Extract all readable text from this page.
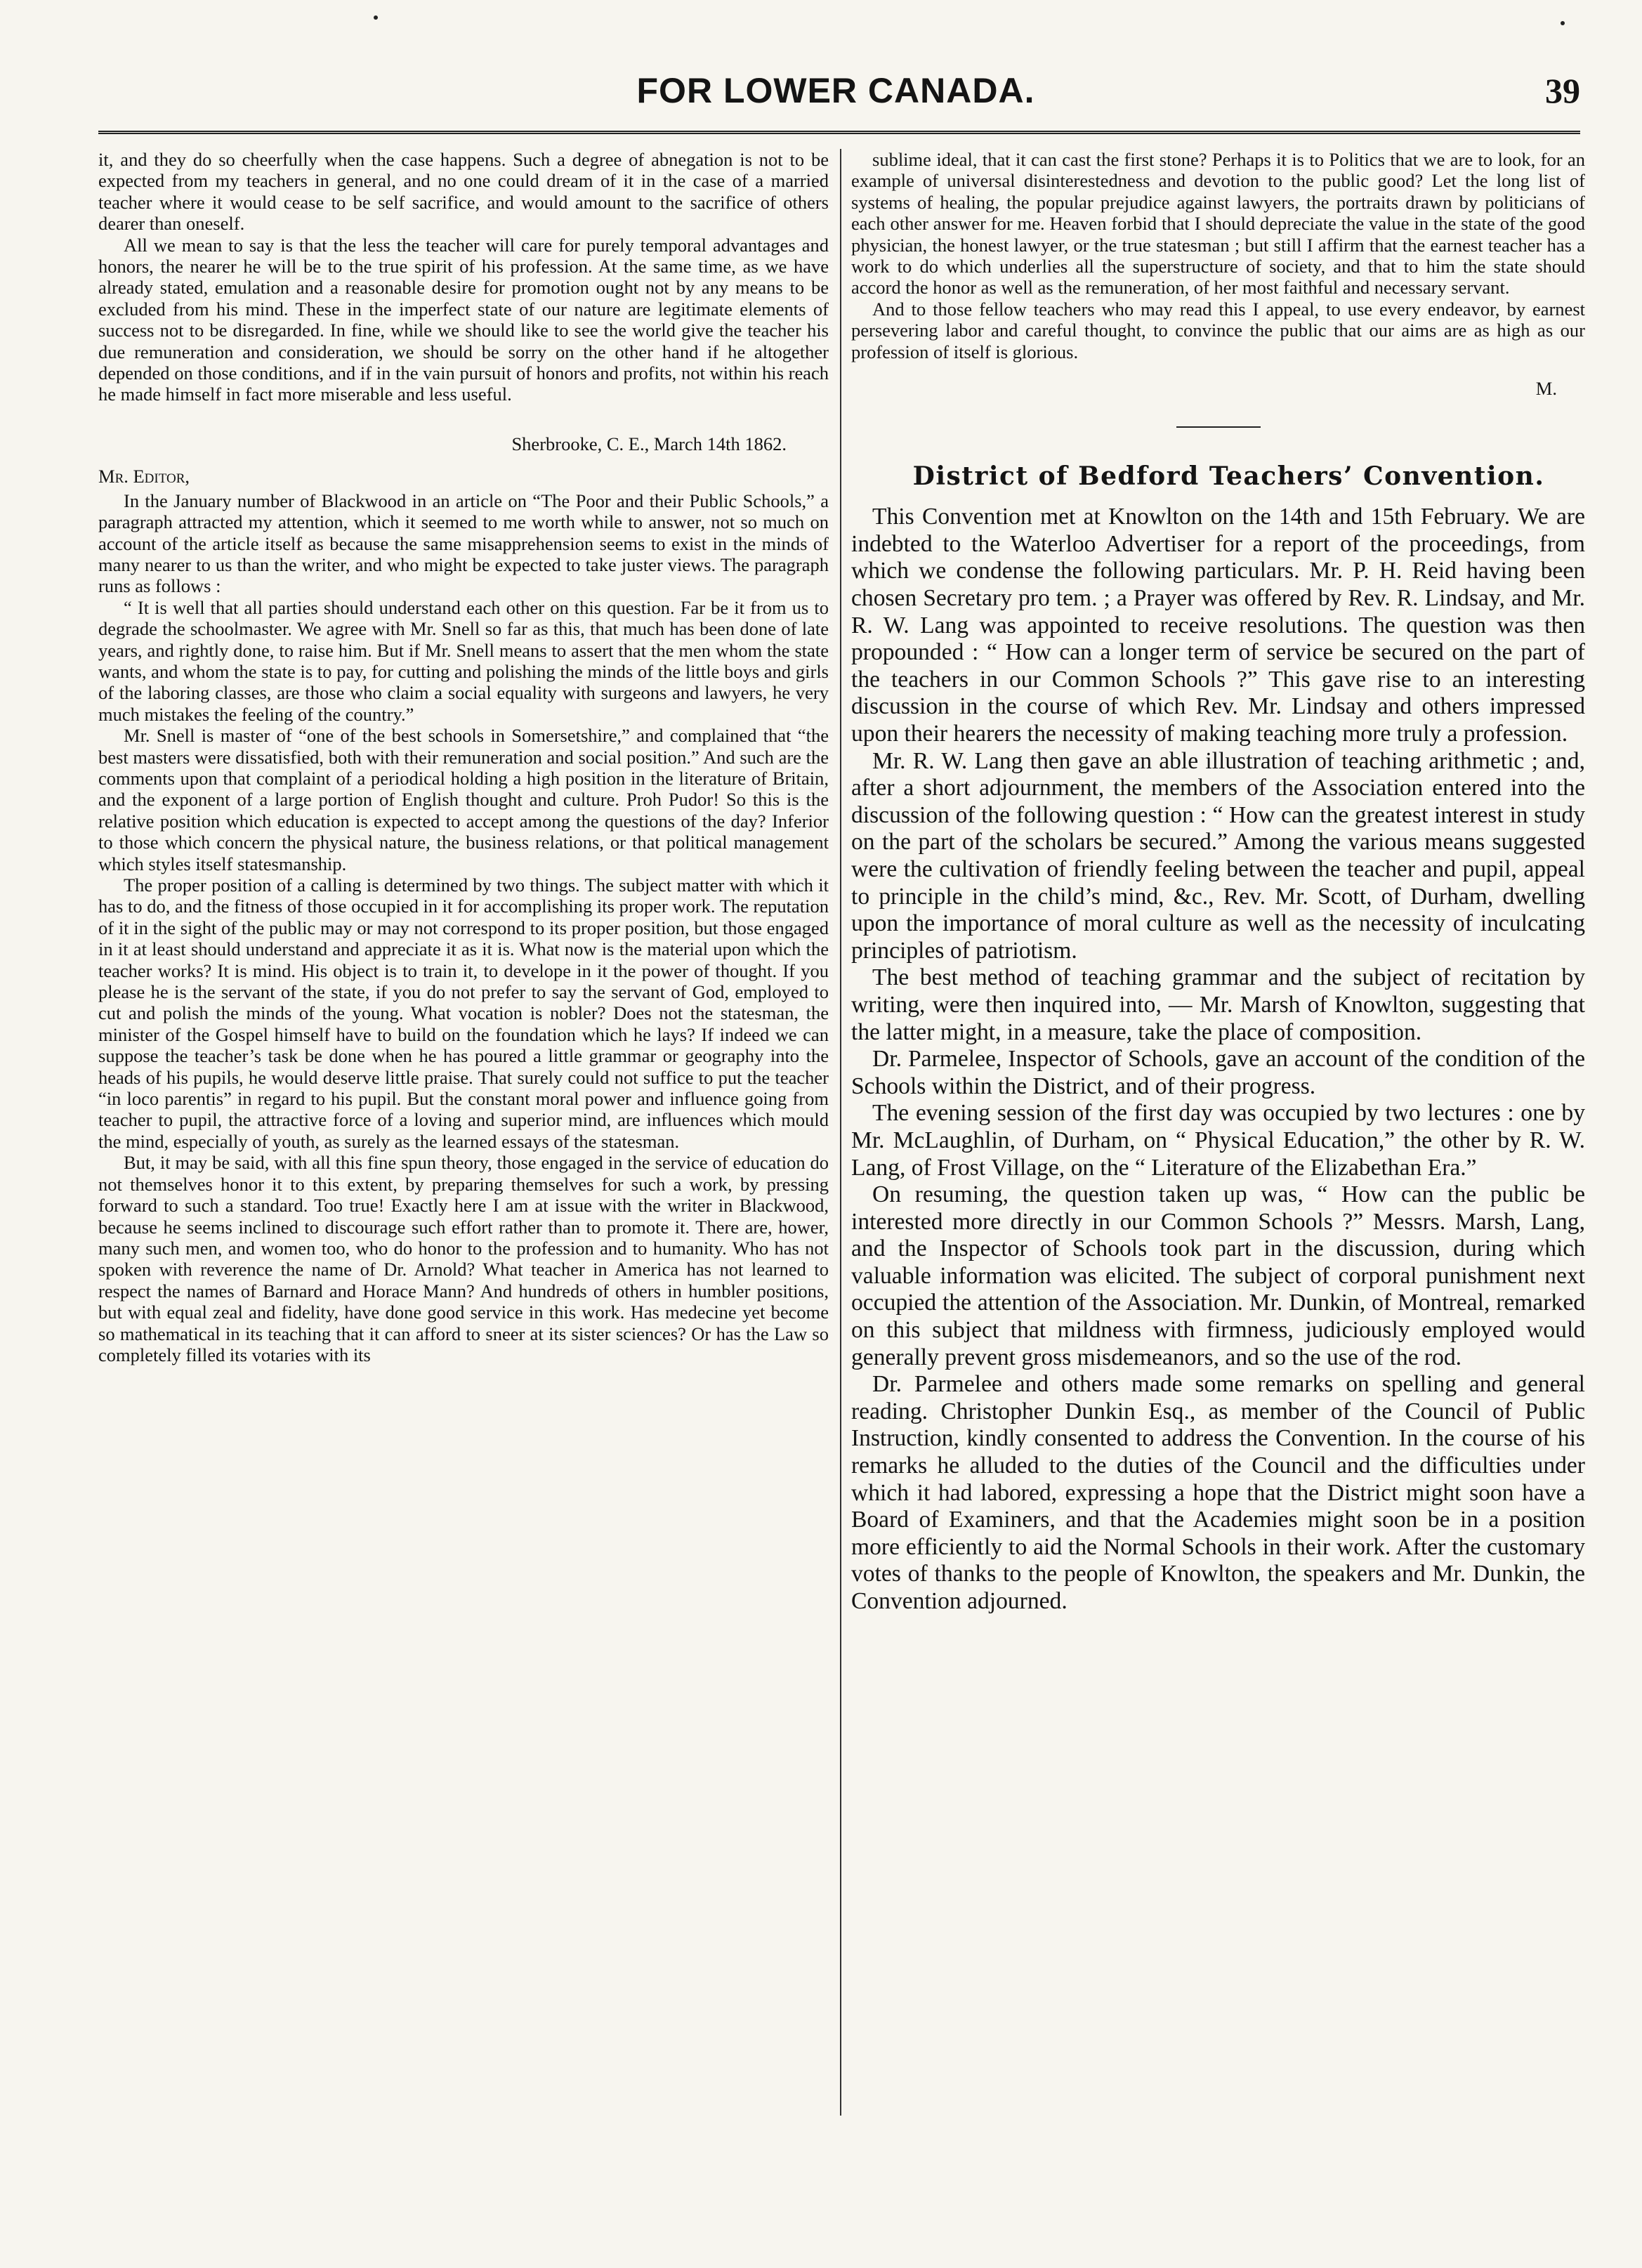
FOR LOWER CANADA.	39

it, and they do so cheerfully when the case happens. Such a degree of abnegation is not to be expected from my teachers in general, and no one could dream of it in the case of a married teacher where it would cease to be self sacrifice, and would amount to the sacrifice of others dearer than oneself.

All we mean to say is that the less the teacher will care for purely temporal advantages and honors, the nearer he will be to the true spirit of his profession. At the same time, as we have already stated, emulation and a reasonable desire for promotion ought not by any means to be excluded from his mind. These in the imperfect state of our nature are legitimate elements of success not to be disregarded. In fine, while we should like to see the world give the teacher his due remuneration and consideration, we should be sorry on the other hand if he altogether depended on those conditions, and if in the vain pursuit of honors and profits, not within his reach he made himself in fact more miserable and less useful.

Sherbrooke, C. E., March 14th 1862.

Mr. Editor,

In the January number of Blackwood in an article on “The Poor and their Public Schools,” a paragraph attracted my attention, which it seemed to me worth while to answer, not so much on account of the article itself as because the same misapprehension seems to exist in the minds of many nearer to us than the writer, and who might be expected to take juster views. The paragraph runs as follows :

“ It is well that all parties should understand each other on this question. Far be it from us to degrade the schoolmaster. We agree with Mr. Snell so far as this, that much has been done of late years, and rightly done, to raise him. But if Mr. Snell means to assert that the men whom the state wants, and whom the state is to pay, for cutting and polishing the minds of the little boys and girls of the laboring classes, are those who claim a social equality with surgeons and lawyers, he very much mistakes the feeling of the country.”

Mr. Snell is master of “one of the best schools in Somersetshire,” and complained that “the best masters were dissatisfied, both with their remuneration and social position.” And such are the comments upon that complaint of a periodical holding a high position in the literature of Britain, and the exponent of a large portion of English thought and culture. Proh Pudor! So this is the relative position which education is expected to accept among the questions of the day? Inferior to those which concern the physical nature, the business relations, or that political management which styles itself statesmanship.

The proper position of a calling is determined by two things. The subject matter with which it has to do, and the fitness of those occupied in it for accomplishing its proper work. The reputation of it in the sight of the public may or may not correspond to its proper position, but those engaged in it at least should understand and appreciate it as it is. What now is the material upon which the teacher works? It is mind. His object is to train it, to develope in it the power of thought. If you please he is the servant of the state, if you do not prefer to say the servant of God, employed to cut and polish the minds of the young. What vocation is nobler? Does not the statesman, the minister of the Gospel himself have to build on the foundation which he lays? If indeed we can suppose the teacher’s task be done when he has poured a little grammar or geography into the heads of his pupils, he would deserve little praise. That surely could not suffice to put the teacher “in loco parentis” in regard to his pupil. But the constant moral power and influence going from teacher to pupil, the attractive force of a loving and superior mind, are influences which mould the mind, especially of youth, as surely as the learned essays of the statesman.

But, it may be said, with all this fine spun theory, those engaged in the service of education do not themselves honor it to this extent, by preparing themselves for such a work, by pressing forward to such a standard. Too true! Exactly here I am at issue with the writer in Blackwood, because he seems inclined to discourage such effort rather than to promote it. There are, hower, many such men, and women too, who do honor to the profession and to humanity. Who has not spoken with reverence the name of Dr. Arnold? What teacher in America has not learned to respect the names of Barnard and Horace Mann? And hundreds of others in humbler positions, but with equal zeal and fidelity, have done good service in this work. Has medecine yet become so mathematical in its teaching that it can afford to sneer at its sister sciences? Or has the Law so completely filled its votaries with its

sublime ideal, that it can cast the first stone? Perhaps it is to Politics that we are to look, for an example of universal disinterestedness and devotion to the public good? Let the long list of systems of healing, the popular prejudice against lawyers, the portraits drawn by politicians of each other answer for me. Heaven forbid that I should depreciate the value in the state of the good physician, the honest lawyer, or the true statesman ; but still I affirm that the earnest teacher has a work to do which underlies all the superstructure of society, and that to him the state should accord the honor as well as the remuneration, of her most faithful and necessary servant.

And to those fellow teachers who may read this I appeal, to use every endeavor, by earnest persevering labor and careful thought, to convince the public that our aims are as high as our profession of itself is glorious.

M.

District of Bedford Teachers’ Convention.

This Convention met at Knowlton on the 14th and 15th February. We are indebted to the Waterloo Advertiser for a report of the proceedings, from which we condense the following particulars. Mr. P. H. Reid having been chosen Secretary pro tem. ; a Prayer was offered by Rev. R. Lindsay, and Mr. R. W. Lang was appointed to receive resolutions. The question was then propounded : “ How can a longer term of service be secured on the part of the teachers in our Common Schools ?” This gave rise to an interesting discussion in the course of which Rev. Mr. Lindsay and others impressed upon their hearers the necessity of making teaching more truly a profession.

Mr. R. W. Lang then gave an able illustration of teaching arithmetic ; and, after a short adjournment, the members of the Association entered into the discussion of the following question : “ How can the greatest interest in study on the part of the scholars be secured.” Among the various means suggested were the cultivation of friendly feeling between the teacher and pupil, appeal to principle in the child’s mind, &c., Rev. Mr. Scott, of Durham, dwelling upon the importance of moral culture as well as the necessity of inculcating principles of patriotism.

The best method of teaching grammar and the subject of recitation by writing, were then inquired into, — Mr. Marsh of Knowlton, suggesting that the latter might, in a measure, take the place of composition.

Dr. Parmelee, Inspector of Schools, gave an account of the condition of the Schools within the District, and of their progress.

The evening session of the first day was occupied by two lectures : one by Mr. McLaughlin, of Durham, on “ Physical Education,” the other by R. W. Lang, of Frost Village, on the “ Literature of the Elizabethan Era.”

On resuming, the question taken up was, “ How can the public be interested more directly in our Common Schools ?” Messrs. Marsh, Lang, and the Inspector of Schools took part in the discussion, during which valuable information was elicited. The subject of corporal punishment next occupied the attention of the Association. Mr. Dunkin, of Montreal, remarked on this subject that mildness with firmness, judiciously employed would generally prevent gross misdemeanors, and so the use of the rod.

Dr. Parmelee and others made some remarks on spelling and general reading. Christopher Dunkin Esq., as member of the Council of Public Instruction, kindly consented to address the Convention. In the course of his remarks he alluded to the duties of the Council and the difficulties under which it had labored, expressing a hope that the District might soon have a Board of Examiners, and that the Academies might soon be in a position more efficiently to aid the Normal Schools in their work. After the customary votes of thanks to the people of Knowlton, the speakers and Mr. Dunkin, the Convention adjourned.
